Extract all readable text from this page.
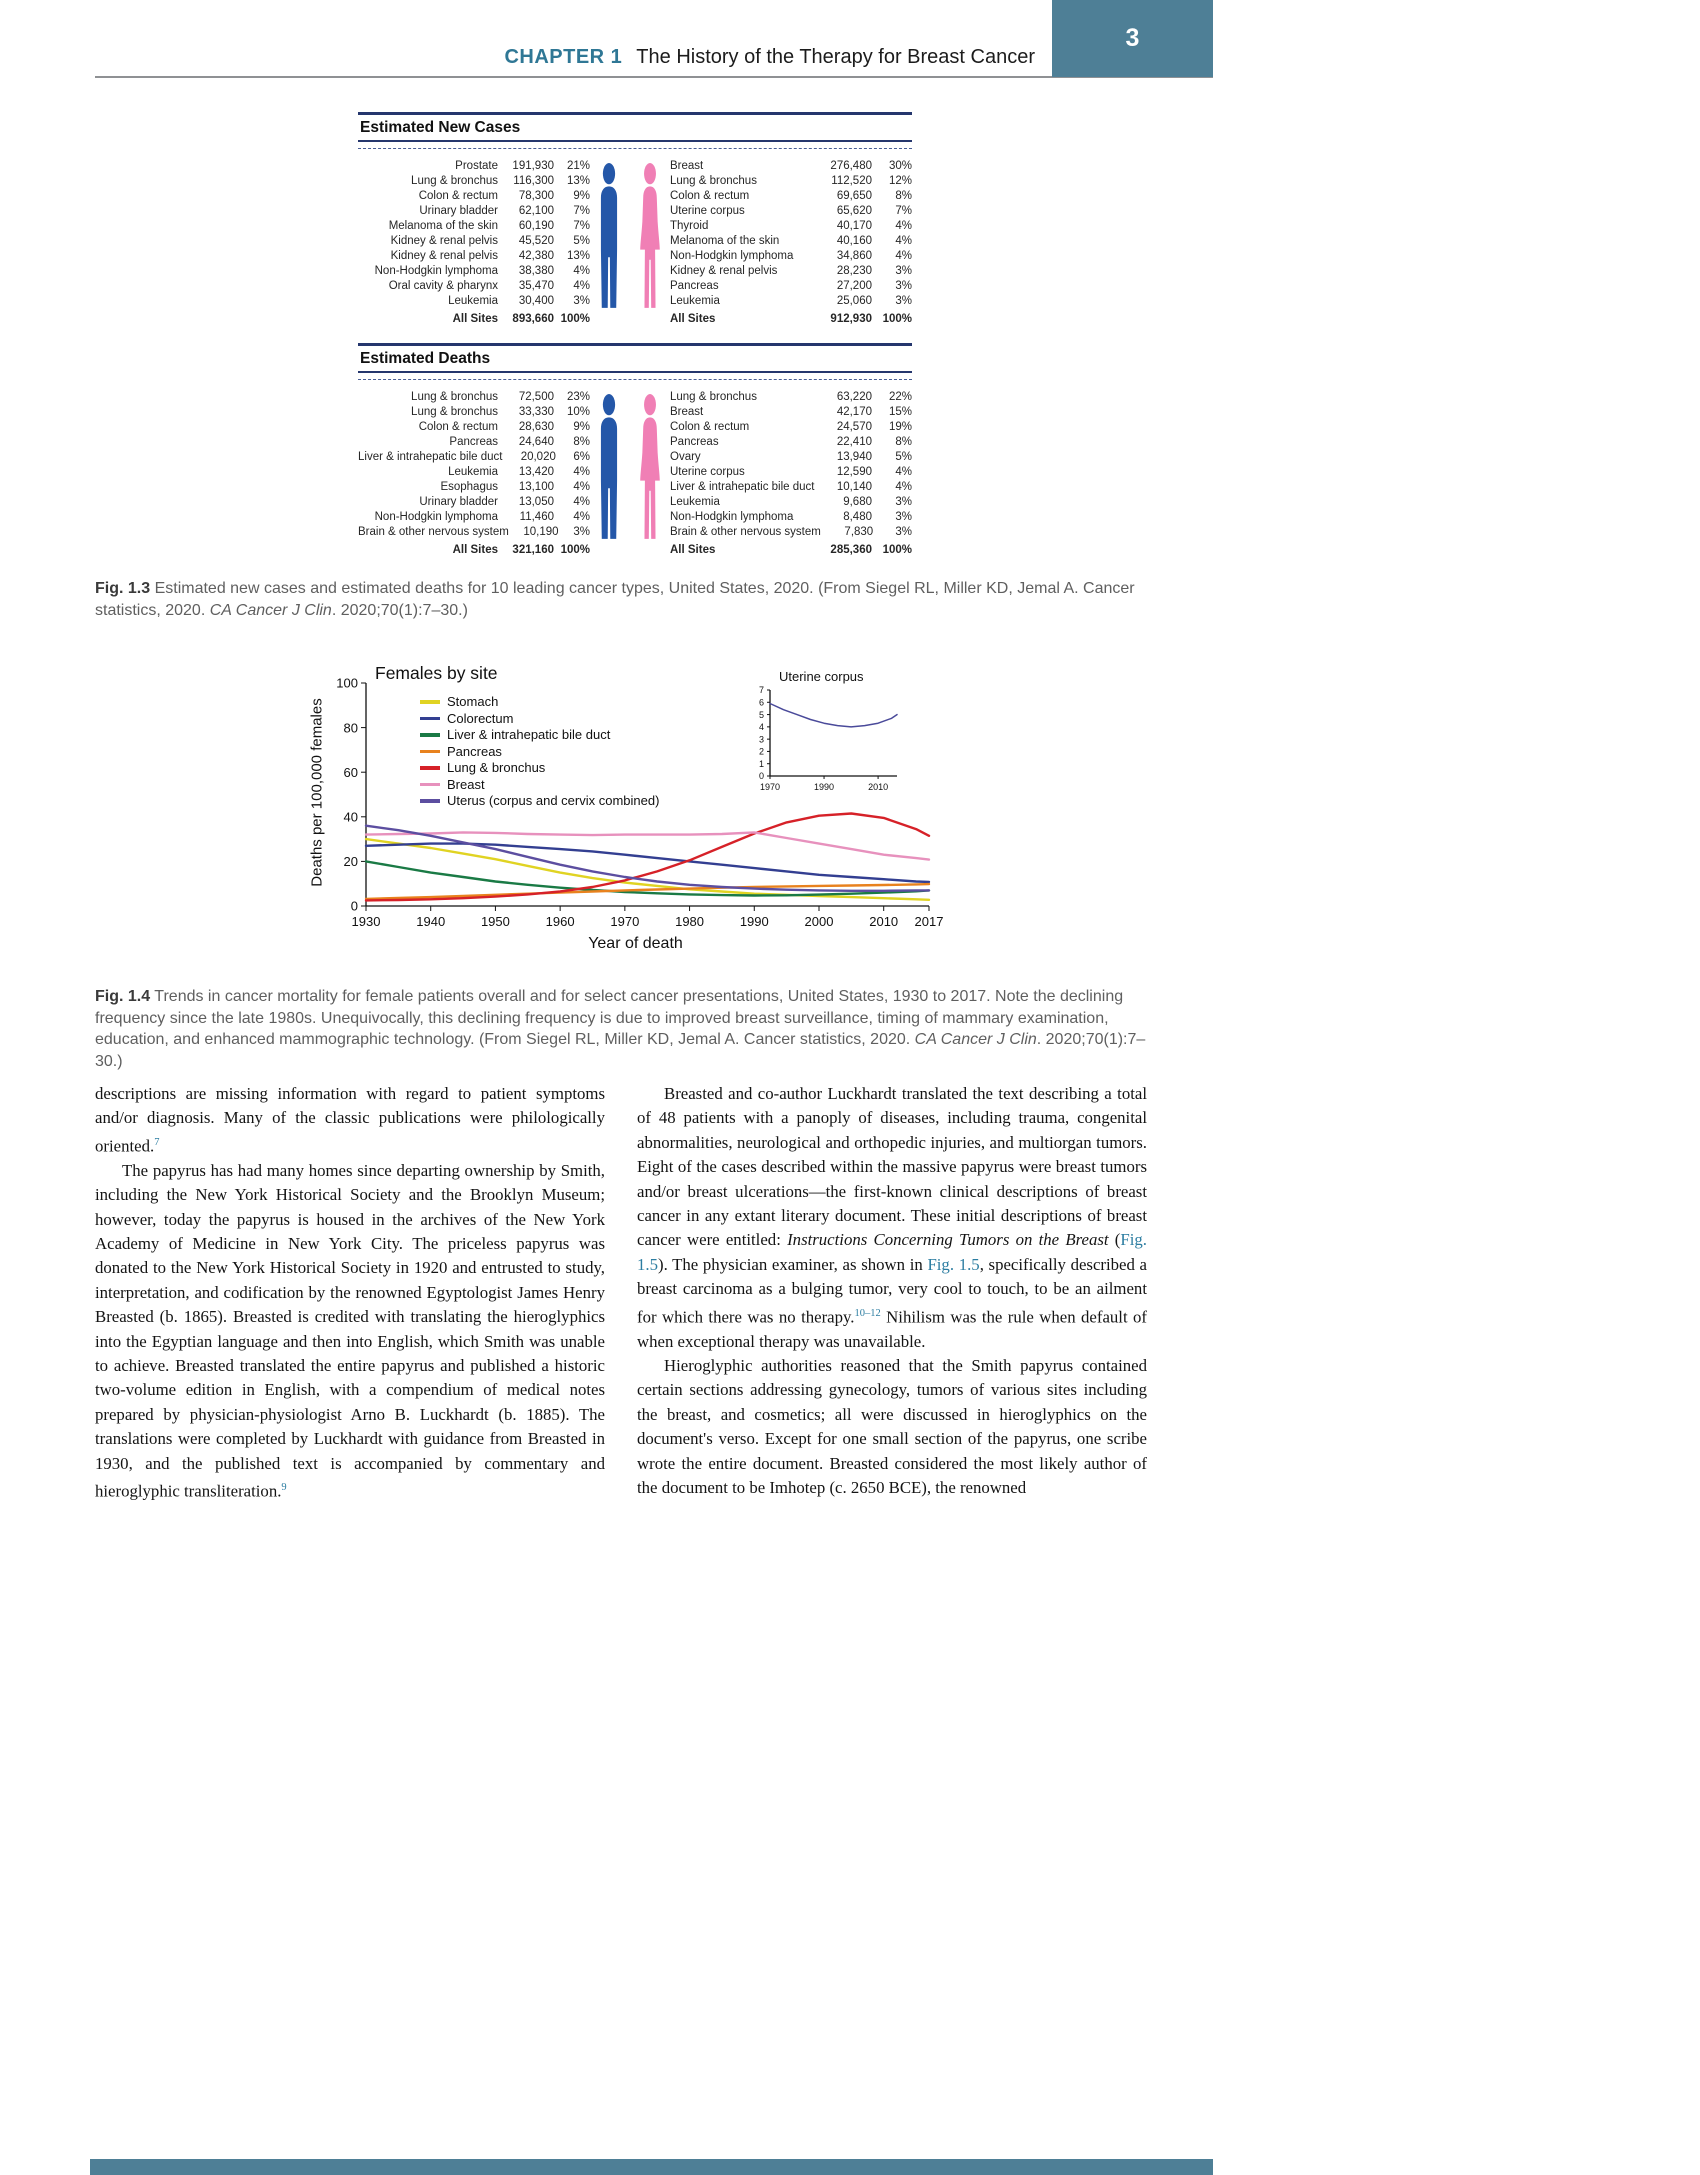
CHAPTER 1 The History of the Therapy for Breast Cancer
3
Estimated New Cases
Prostate	191,930	21%
Lung & bronchus	116,300	13%
Colon & rectum	78,300	9%
Urinary bladder	62,100	7%
Melanoma of the skin	60,190	7%
Kidney & renal pelvis	45,520	5%
Kidney & renal pelvis	42,380	13%
Non-Hodgkin lymphoma	38,380	4%
Oral cavity & pharynx	35,470	4%
Leukemia	30,400	3%
All Sites	893,660 100%
Breast	276,480	30%
Lung & bronchus	112,520	12%
Colon & rectum	69,650	8%
Uterine corpus	65,620	7%
Thyroid	40,170	4%
Melanoma of the skin	40,160	4%
Non-Hodgkin lymphoma	34,860	4%
Kidney & renal pelvis	28,230	3%
Pancreas	27,200	3%
Leukemia	25,060	3%
All Sites	912,930 100%
Estimated Deaths
Lung & bronchus	72,500	23%
Lung & bronchus	33,330	10%
Colon & rectum	28,630	9%
Pancreas	24,640	8%
Liver & intrahepatic bile duct	20,020	6%
Leukemia	13,420	4%
Esophagus	13,100	4%
Urinary bladder	13,050	4%
Non-Hodgkin lymphoma	11,460	4%
Brain & other nervous system	10,190	3%
All Sites	321,160 100%
Lung & bronchus	63,220	22%
Breast	42,170	15%
Colon & rectum	24,570	19%
Pancreas	22,410	8%
Ovary	13,940	5%
Uterine corpus	12,590	4%
Liver & intrahepatic bile duct	10,140	4%
Leukemia	9,680	3%
Non-Hodgkin lymphoma	8,480	3%
Brain & other nervous system	7,830	3%
All Sites	285,360 100%
Fig. 1.3 Estimated new cases and estimated deaths for 10 leading cancer types, United States, 2020. (From Siegel RL, Miller KD, Jemal A. Cancer statistics, 2020. CA Cancer J Clin. 2020;70(1):7–30.)
Deaths per 100,000 females
Females by site
Stomach
Colorectum
Liver & intrahepatic bile duct
Pancreas
Lung & bronchus
Breast
Uterus (corpus and cervix combined)
0
20
40
60
80
100
1930	1940	1950	1960	1970	1980	1990	2000	2010 2017
Uterine corpus
0
1
2
3
4
5
6
7
1970	1990	2010
Year of death
Fig. 1.4 Trends in cancer mortality for female patients overall and for select cancer presentations, United States, 1930 to 2017. Note the declining frequency since the late 1980s. Unequivocally, this declining frequency is due to improved breast surveillance, timing of mammary examination, education, and enhanced mammographic technology. (From Siegel RL, Miller KD, Jemal A. Cancer statistics, 2020. CA Cancer J Clin. 2020;70(1):7–30.)

descriptions are missing information with regard to patient symptoms and/or diagnosis. Many of the classic publications were philologically oriented.$^7$

The papyrus has had many homes since departing ownership by Smith, including the New York Historical Society and the Brooklyn Museum; however, today the papyrus is housed in the archives of the New York Academy of Medicine in New York City. The priceless papyrus was donated to the New York Historical Society in 1920 and entrusted to study, interpretation, and codification by the renowned Egyptologist James Henry Breasted (b. 1865). Breasted is credited with translating the hieroglyphics into the Egyptian language and then into English, which Smith was unable to achieve. Breasted translated the entire papyrus and published a historic two-volume edition in English, with a compendium of medical notes prepared by physician-physiologist Arno B. Luckhardt (b. 1885). The translations were completed by Luckhardt with guidance from Breasted in 1930, and the published text is accompanied by commentary and hieroglyphic transliteration.$^9$

Breasted and co-author Luckhardt translated the text describing a total of 48 patients with a panoply of diseases, including trauma, congenital abnormalities, neurological and orthopedic injuries, and multiorgan tumors. Eight of the cases described within the massive papyrus were breast tumors and/or breast ulcerations—the first-known clinical descriptions of breast cancer in any extant literary document. These initial descriptions of breast cancer were entitled: Instructions Concerning Tumors on the Breast (Fig. 1.5). The physician examiner, as shown in Fig. 1.5, specifically described a breast carcinoma as a bulging tumor, very cool to touch, to be an ailment for which there was no therapy.$^{10-12}$ Nihilism was the rule when default of when exceptional therapy was unavailable.

Hieroglyphic authorities reasoned that the Smith papyrus contained certain sections addressing gynecology, tumors of various sites including the breast, and cosmetics; all were discussed in hieroglyphics on the document's verso. Except for one small section of the papyrus, one scribe wrote the entire document. Breasted considered the most likely author of the document to be Imhotep (c. 2650 BCE), the renowned
